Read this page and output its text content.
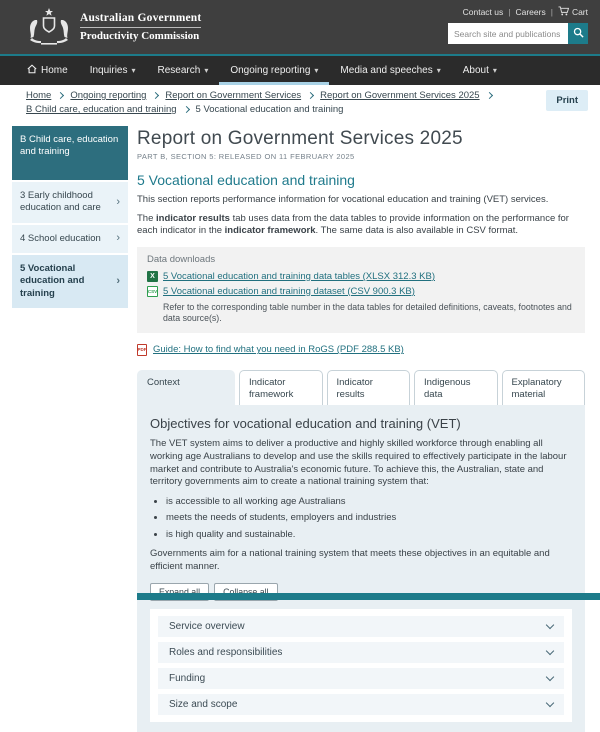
Australian Government
Productivity Commission
Contact us | Careers | Cart
Search site and publications
Home Inquiries ▾ Research ▾ Ongoing reporting ▾ Media and speeches ▾ About ▾
Home Ongoing reporting Report on Government Services Report on Government Services 2025
B Child care, education and training 5 Vocational education and training
Print
B Child care, education and training
3 Early childhood education and care	›
4 School education ›
5 Vocational education and training
›
Report on Government Services 2025
PART B, SECTION 5: RELEASED ON 11 FEBRUARY 2025
5 Vocational education and training

This section reports performance information for vocational education and training (VET) services.

The indicator results tab uses data from the data tables to provide information on the performance for each indicator in the indicator framework. The same data is also available in CSV format.

Data downloads
X 5 Vocational education and training data tables (XLSX 312.3 KB)
CSV 5 Vocational education and training dataset (CSV 900.3 KB)
Refer to the corresponding table number in the data tables for detailed definitions, caveats, footnotes and data source(s).
PDF Guide: How to find what you need in RoGS (PDF 288.5 KB)
Context	Indicator framework
Indicator results
Indigenous data
Explanatory material
Objectives for vocational education and training (VET)

The VET system aims to deliver a productive and highly skilled workforce through enabling all working age Australians to develop and use the skills required to effectively participate in the labour market and contribute to Australia's economic future. To achieve this, the Australian, state and territory governments aim to create a national training system that:

• is accessible to all working age Australians
• meets the needs of students, employers and industries
• is high quality and sustainable.

Governments aim for a national training system that meets these objectives in an equitable and efficient manner.

Service overview
Roles and responsibilities
Funding
Size and scope
